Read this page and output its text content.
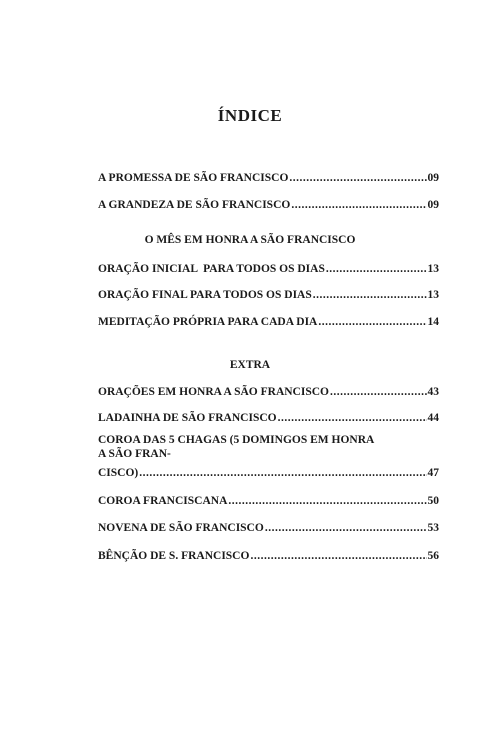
ÍNDICE
A PROMESSA DE SÃO FRANCISCO .....	09
A GRANDEZA DE SÃO FRANCISCO .....	09
O MÊS EM HONRA A SÃO FRANCISCO
ORAÇÃO INICIAL  PARA TODOS OS DIAS .....	13
ORAÇÃO FINAL PARA TODOS OS DIAS .....	13
MEDITAÇÃO PRÓPRIA PARA CADA DIA .....	14
EXTRA
ORAÇÕES EM HONRA A SÃO FRANCISCO .....	43
LADAINHA DE SÃO FRANCISCO .....	44
COROA DAS 5 CHAGAS (5 DOMINGOS EM HONRA
A SÃO FRAN-
CISCO) .....	47
COROA FRANCISCANA .....	50
NOVENA DE SÃO FRANCISCO .....	53
BÊNÇÃO DE S. FRANCISCO .....	56
